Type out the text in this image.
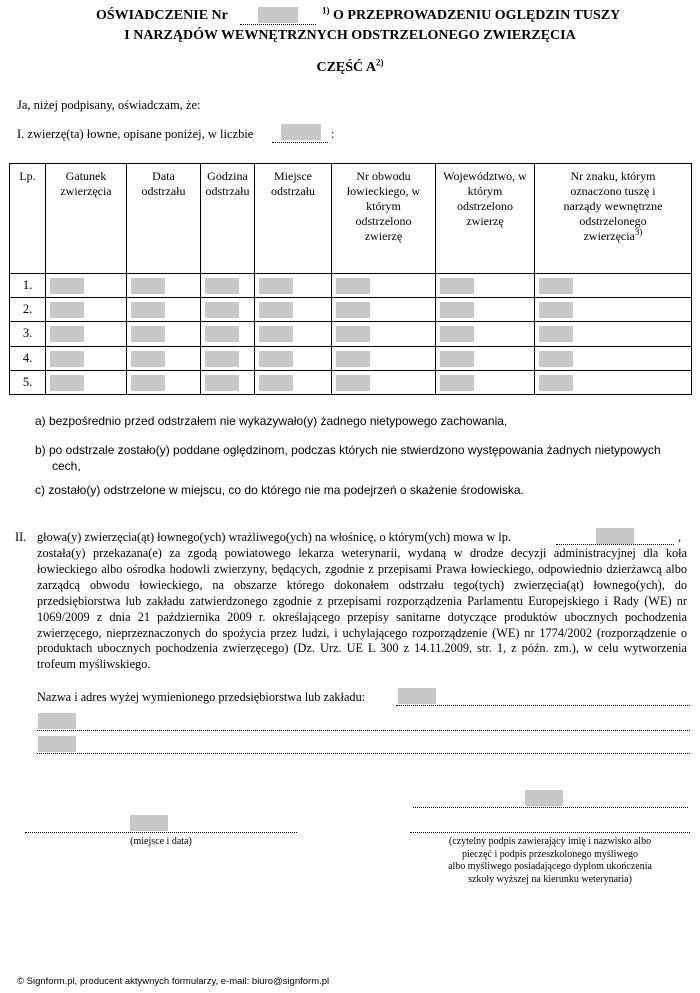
OŚWIADCZENIE Nr	$^{1)}$ O PRZEPROWADZENIU OGLĘDZIN TUSZY
I NARZĄDÓW WEWNĘTRZNYCH ODSTRZELONEGO ZWIERZĘCIA
CZĘŚĆ $A^{2)}$
Ja, niżej podpisany, oświadczam, że:
I. zwierzę(ta) łowne, opisane poniżej, w liczbie	:
Lp.	Gatunek zwierzęcia	Data odstrzału	Godzina odstrzału	Miejsce odstrzału	Nr obwodu łowieckiego, w którym odstrzelono zwierzę	Województwo, w którym odstrzelono zwierzę	Nr znaku, którym oznaczono tuszę i narządy wewnętrzne odstrzelonego zwierzęcia$^{3)}$

1.	

2.	

3.	

4.	

5.	

a) bezpośrednio przed odstrzałem nie wykazywało(y) żadnego nietypowego zachowania,
b) po odstrzale zostało(y) poddane oględzinom, podczas których nie stwierdzono występowania żadnych nietypowych
cech,
c) zostało(y) odstrzelone w miejscu, co do którego nie ma podejrzeń o skażenie środowiska.
II. głowa(y) zwierzęcia(ąt) łownego(ych) wrażliwego(ych) na włośnicę, o którym(ych) mowa w lp.	,
została(y) przekazana(e) za zgodą powiatowego lekarza weterynarii, wydaną w drodze decyzji administracyjnej dla koła łowieckiego albo ośrodka hodowli zwierzyny, będących, zgodnie z przepisami Prawa łowieckiego, odpowiednio dzierżawcą albo zarządcą obwodu łowieckiego, na obszarze którego dokonałem odstrzału tego(tych) zwierzęcia(ąt) łownego(ych), do przedsiębiorstwa lub zakładu zatwierdzonego zgodnie z przepisami rozporządzenia Parlamentu Europejskiego i Rady (WE) nr 1069/2009 z dnia 21 października 2009 r. określającego przepisy sanitarne dotyczące produktów ubocznych pochodzenia zwierzęcego, nieprzeznaczonych do spożycia przez ludzi, i uchylającego rozporządzenie (WE) nr 1774/2002 (rozporządzenie o produktach ubocznych pochodzenia zwierzęcego) (Dz. Urz. UE L 300 z 14.11.2009, str. 1, z późn. zm.), w celu wytworzenia trofeum myśliwskiego.
Nazwa i adres wyżej wymienionego przedsiębiorstwa lub zakładu:
(miejsce i data)	(czytelny podpis zawierający imię i nazwisko albo
pieczęć i podpis przeszkolonego myśliwego
albo myśliwego posiadającego dyplom ukończenia
szkoły wyższej na kierunku weterynaria)
© Signform.pl, producent aktywnych formularzy, e-mail: biuro@signform.pl
